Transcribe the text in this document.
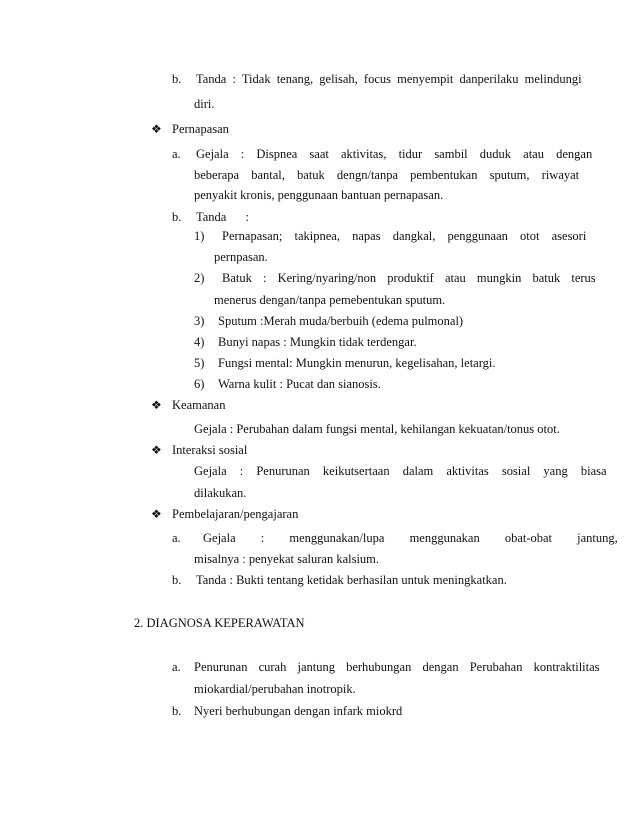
b. Tanda : Tidak tenang, gelisah, focus menyempit danperilaku melindungi
diri.
❖ Pernapasan
a. Gejala : Dispnea saat aktivitas, tidur sambil duduk atau dengan
beberapa bantal, batuk dengn/tanpa pembentukan sputum, riwayat
penyakit kronis, penggunaan bantuan pernapasan.
b. Tanda :
1) Pernapasan; takipnea, napas dangkal, penggunaan otot asesori
pernpasan.
2) Batuk : Kering/nyaring/non produktif atau mungkin batuk terus
menerus dengan/tanpa pemebentukan sputum.
3) Sputum :Merah muda/berbuih (edema pulmonal)
4) Bunyi napas : Mungkin tidak terdengar.
5) Fungsi mental: Mungkin menurun, kegelisahan, letargi.
6) Warna kulit : Pucat dan sianosis.
❖ Keamanan
Gejala : Perubahan dalam fungsi mental, kehilangan kekuatan/tonus otot.
❖ Interaksi sosial
Gejala : Penurunan keikutsertaan dalam aktivitas sosial yang biasa
dilakukan.
❖ Pembelajaran/pengajaran
a. Gejala : menggunakan/lupa menggunakan obat-obat jantung,
misalnya : penyekat saluran kalsium.
b. Tanda : Bukti tentang ketidak berhasilan untuk meningkatkan.
2. DIAGNOSA KEPERAWATAN
a. Penurunan curah jantung berhubungan dengan Perubahan kontraktilitas
miokardial/perubahan inotropik.
b. Nyeri berhubungan dengan infark miokrd
